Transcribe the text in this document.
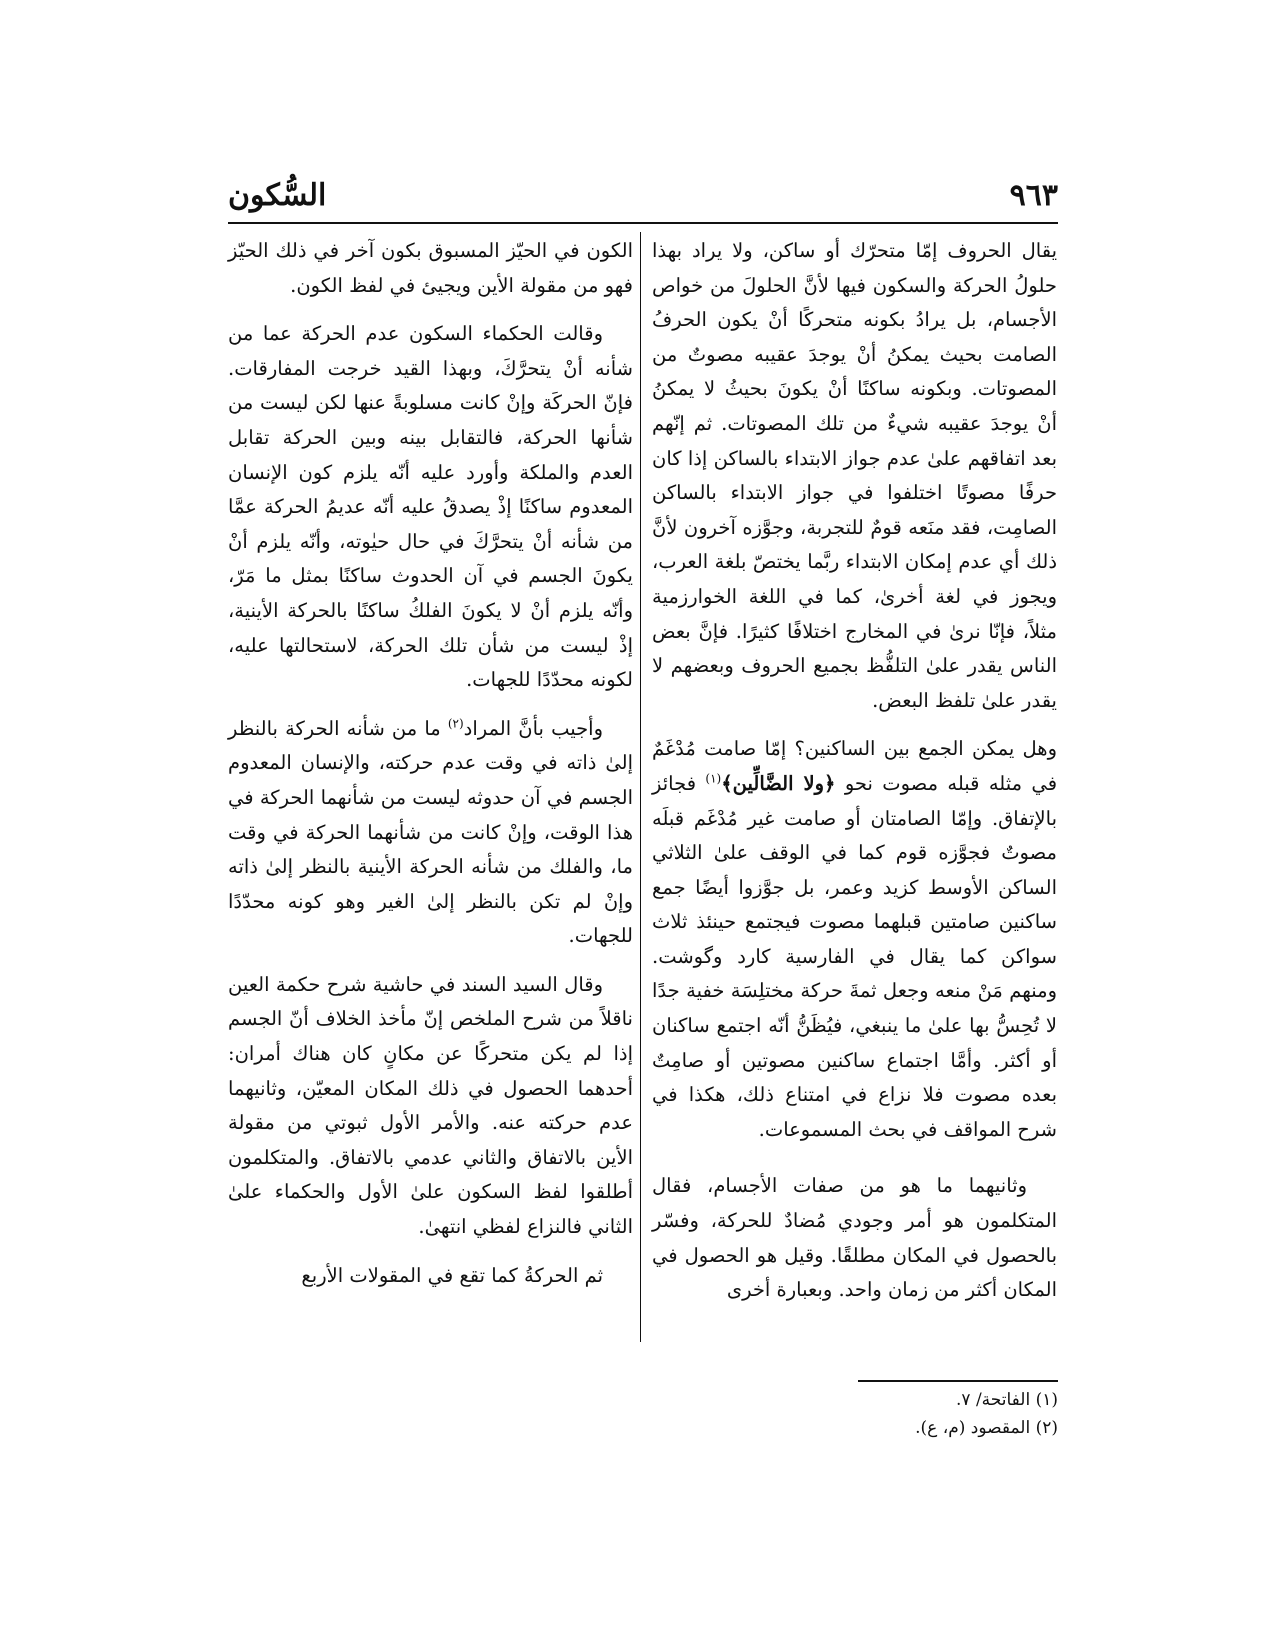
٩٦٣
السُّكون

يقال الحروف إمّا متحرّك أو ساكن، ولا يراد بهذا حلولُ الحركة والسكون فيها لأنَّ الحلولَ من خواص الأجسام، بل يرادُ بكونه متحركًا أنْ يكون الحرفُ الصامت بحيث يمكنُ أنْ يوجدَ عقيبه مصوتٌ من المصوتات. وبكونه ساكنًا أنْ يكونَ بحيثُ لا يمكنُ أنْ يوجدَ عقيبه شيءٌ من تلك المصوتات. ثم إنّهم بعد اتفاقهم علىٰ عدم جواز الابتداء بالساكن إذا كان حرفًا مصوتًا اختلفوا في جواز الابتداء بالساكن الصامِت، فقد منَعه قومٌ للتجربة، وجوَّزه آخرون لأنَّ ذلك أي عدم إمكان الابتداء ربَّما يختصّ بلغة العرب، ويجوز في لغة أخرىٰ، كما في اللغة الخوارزمية مثلاً، فإنّا نرىٰ في المخارج اختلافًا كثيرًا. فإنَّ بعض الناس يقدر علىٰ التلفُّظ بجميع الحروف وبعضهم لا يقدر علىٰ تلفظ البعض.

وهل يمكن الجمع بين الساكنين؟ إمّا صامت مُدْغَمٌ في مثله قبله مصوت نحو ﴿ولا الضَّالِّين﴾$^{(١)}$ فجائز بالإتفاق. وإمّا الصامتان أو صامت غير مُدْغَم قبلَه مصوتٌ فجوَّزه قوم كما في الوقف علىٰ الثلاثي الساكن الأوسط كزيد وعمر، بل جوَّزوا أيضًا جمع ساكنين صامتين قبلهما مصوت فيجتمع حينئذ ثلاث سواكن كما يقال في الفارسية كارد وگوشت. ومنهم مَنْ منعه وجعل ثمةَ حركة مختلِسَة خفية جدًا لا تُحِسُّ بها علىٰ ما ينبغي، فيُظَنُّ أنّه اجتمع ساكنان أو أكثر. وأمَّا اجتماع ساكنين مصوتين أو صامِتٌ بعده مصوت فلا نزاع في امتناع ذلك، هكذا في شرح المواقف في بحث المسموعات.

وثانيهما ما هو من صفات الأجسام، فقال المتكلمون هو أمر وجودي مُضادٌ للحركة، وفسّر بالحصول في المكان مطلقًا. وقيل هو الحصول في المكان أكثر من زمان واحد. وبعبارة أخرى

الكون في الحيّز المسبوق بكون آخر في ذلك الحيّز فهو من مقولة الأين ويجيئ في لفظ الكون.

وقالت الحكماء السكون عدم الحركة عما من شأنه أنْ يتحرَّكَ، وبهذا القيد خرجت المفارقات. فإنّ الحركَة وإنْ كانت مسلوبةً عنها لكن ليست من شأنها الحركة، فالتقابل بينه وبين الحركة تقابل العدم والملكة وأورد عليه أنّه يلزم كون الإنسان المعدوم ساكنًا إذْ يصدقُ عليه أنّه عديمُ الحركة عمَّا من شأنه أنْ يتحرَّكَ في حال حيٰوته، وأنّه يلزم أنْ يكونَ الجسم في آن الحدوث ساكنًا بمثل ما مَرّ، وأنّه يلزم أنْ لا يكونَ الفلكُ ساكنًا بالحركة الأينية، إذْ ليست من شأن تلك الحركة، لاستحالتها عليه، لكونه محدّدًا للجهات.

وأجيب بأنَّ المراد$^{(٢)}$ ما من شأنه الحركة بالنظر إلىٰ ذاته في وقت عدم حركته، والإنسان المعدوم الجسم في آن حدوثه ليست من شأنهما الحركة في هذا الوقت، وإنْ كانت من شأنهما الحركة في وقت ما، والفلك من شأنه الحركة الأينية بالنظر إلىٰ ذاته وإنْ لم تكن بالنظر إلىٰ الغير وهو كونه محدّدًا للجهات.

وقال السيد السند في حاشية شرح حكمة العين ناقلاً من شرح الملخص إنّ مأخذ الخلاف أنّ الجسم إذا لم يكن متحركًا عن مكانٍ كان هناك أمران: أحدهما الحصول في ذلك المكان المعيّن، وثانيهما عدم حركته عنه. والأمر الأول ثبوتي من مقولة الأين بالاتفاق والثاني عدمي بالاتفاق. والمتكلمون أطلقوا لفظ السكون علىٰ الأول والحكماء علىٰ الثاني فالنزاع لفظي انتهىٰ.

ثم الحركةُ كما تقع في المقولات الأربع

(١) الفاتحة/ ٧.
(٢) المقصود (م، ع).
